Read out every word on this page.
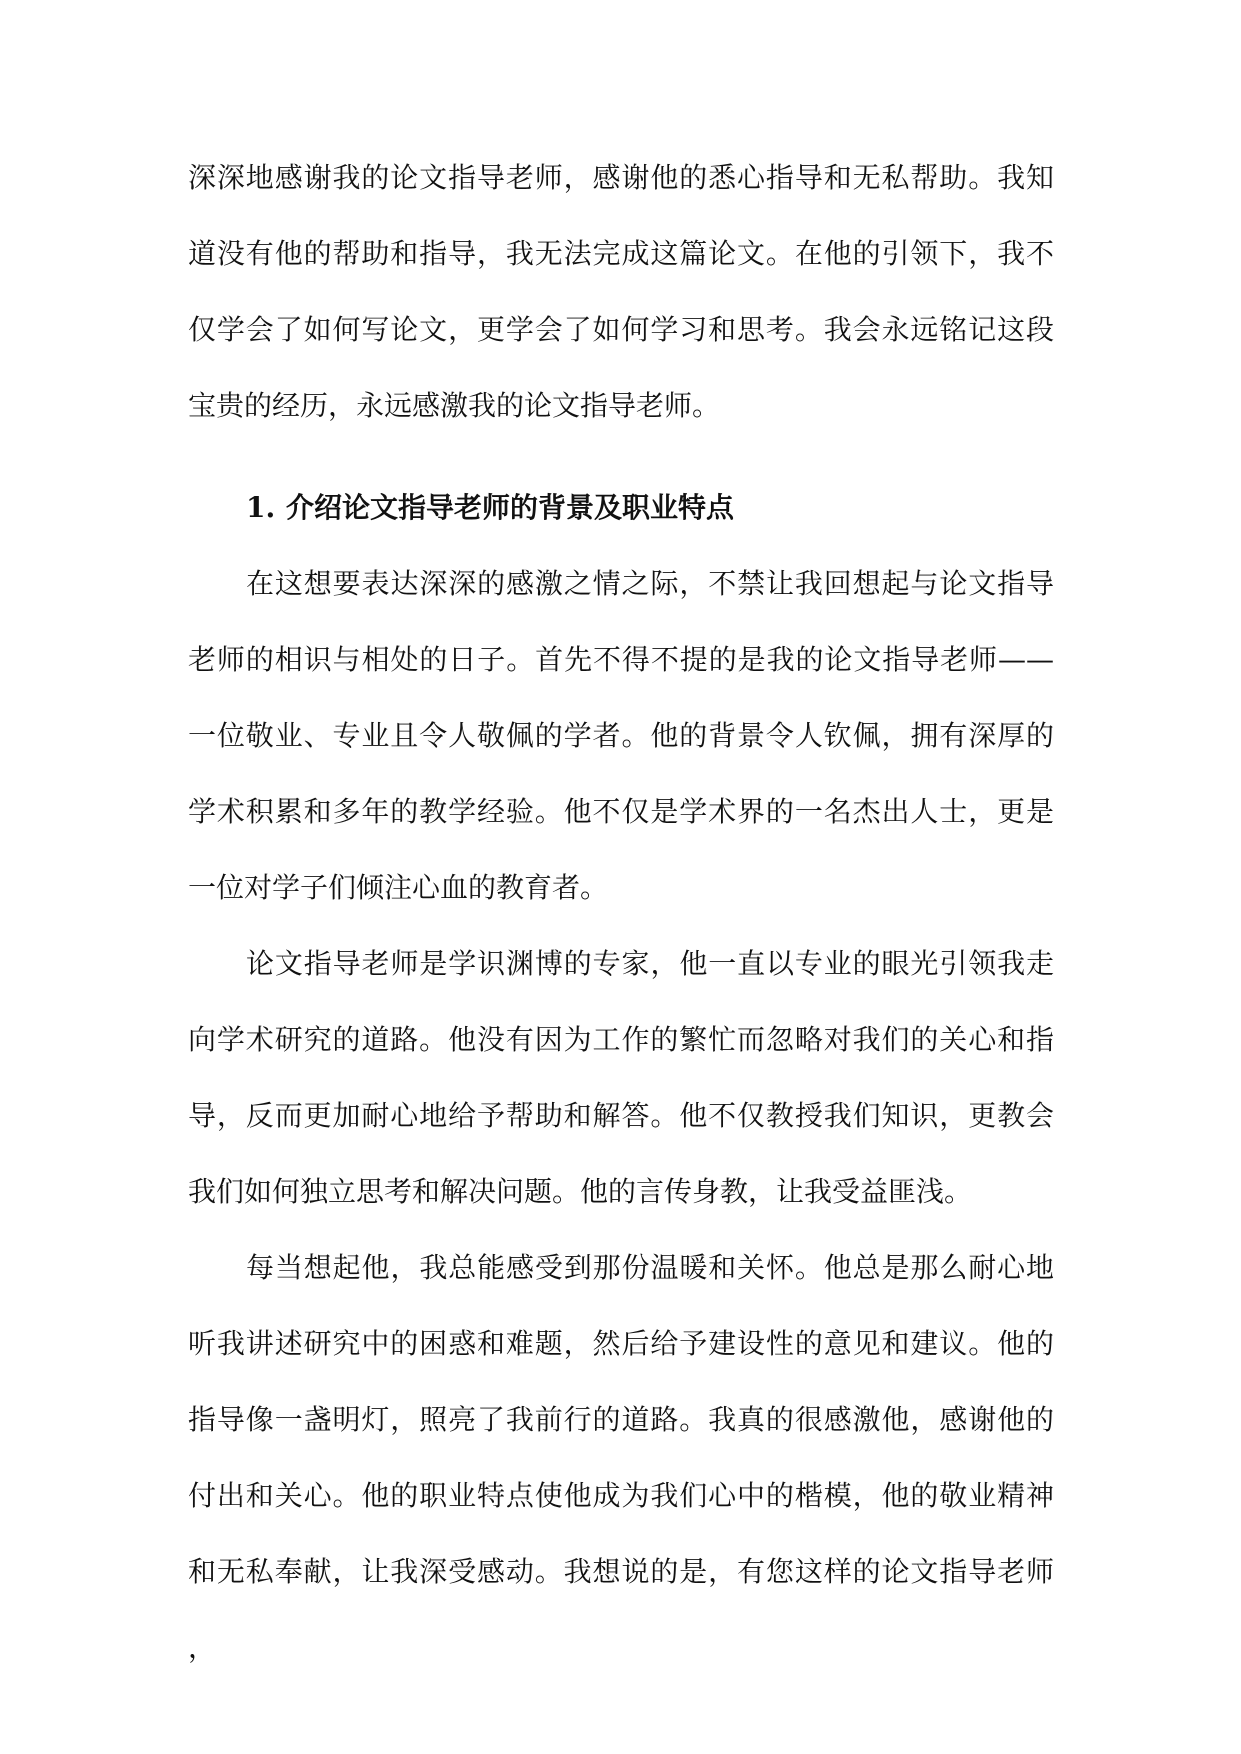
深深地感谢我的论文指导老师，感谢他的悉心指导和无私帮助。我知道没有他的帮助和指导，我无法完成这篇论文。在他的引领下，我不仅学会了如何写论文，更学会了如何学习和思考。我会永远铭记这段宝贵的经历，永远感激我的论文指导老师。

1. 介绍论文指导老师的背景及职业特点

在这想要表达深深的感激之情之际，不禁让我回想起与论文指导老师的相识与相处的日子。首先不得不提的是我的论文指导老师——一位敬业、专业且令人敬佩的学者。他的背景令人钦佩，拥有深厚的学术积累和多年的教学经验。他不仅是学术界的一名杰出人士，更是一位对学子们倾注心血的教育者。

论文指导老师是学识渊博的专家，他一直以专业的眼光引领我走向学术研究的道路。他没有因为工作的繁忙而忽略对我们的关心和指导，反而更加耐心地给予帮助和解答。他不仅教授我们知识，更教会我们如何独立思考和解决问题。他的言传身教，让我受益匪浅。

每当想起他，我总能感受到那份温暖和关怀。他总是那么耐心地听我讲述研究中的困惑和难题，然后给予建设性的意见和建议。他的指导像一盏明灯，照亮了我前行的道路。我真的很感激他，感谢他的付出和关心。他的职业特点使他成为我们心中的楷模，他的敬业精神和无私奉献，让我深受感动。我想说的是，有您这样的论文指导老师，
